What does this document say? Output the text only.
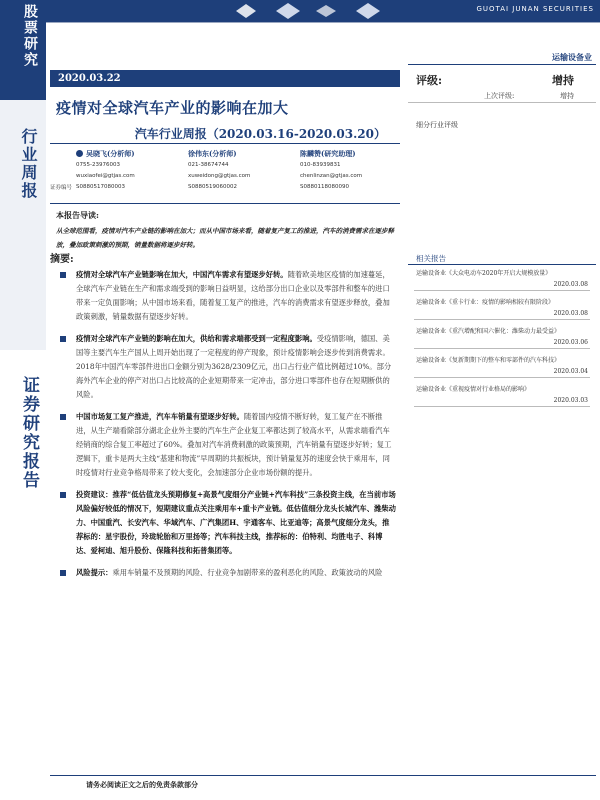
股票研究
行业周报
证券研究报告
GUOTAI JUNAN SECURITIES
运输设备业
2020.03.22
疫情对全球汽车产业的影响在加大
汽车行业周报（2020.03.16-2020.03.20）
评级:	增持
上次评级:	增持
细分行业评级
吴晓飞(分析师)	徐伟东(分析师)	陈麟赞(研究助理)
0755-23976003	021-38674744	010-83939831
wuxiaofei@gtjas.com	xuweidong@gtjas.com	chenlinzan@gtjas.com
证券编号 S0880517080003	S0880519060002	S0880118080090
本报告导读:
从全球范围看，疫情对汽车产业链的影响在加大；而从中国市场来看，随着复产复工的推进，汽车的消费需求在逐步释放，叠加政策刺激的预期，销量数据将逐步好转。
摘要:
疫情对全球汽车产业链影响在加大，中国汽车需求有望逐步好转。随着欧美地区疫情的加速蔓延，全球汽车产业链在生产和需求端受到的影响日益明显，这给部分出口企业以及零部件和整车的进口带来一定负面影响；从中国市场来看，随着复工复产的推进，汽车的消费需求有望逐步释放，叠加政策刺激，销量数据有望逐步好转。
疫情对全球汽车产业链的影响在加大，供给和需求端都受到一定程度影响。受疫情影响，德国、美国等主要汽车生产国从上周开始出现了一定程度的停产现象，预计疫情影响会逐步传到消费需求。2018年中国汽车零部件进出口金额分别为3628/2309亿元，出口占行业产值比例超过10%。部分海外汽车企业的停产对出口占比较高的企业短期带来一定冲击，部分进口零部件也存在短期断供的风险。
中国市场复工复产推进，汽车车销量有望逐步好转。随着国内疫情不断好转，复工复产在不断推进，从生产端看除部分湖北企业外主要的汽车生产企业复工率都达到了较高水平，从需求端看汽车经销商的综合复工率超过了60%。叠加对汽车消费刺激的政策预期，汽车销量有望逐步好转；复工逻辑下，重卡是两大主线“基建和物流”早周期的共振板块，预计销量复苏的速度会快于乘用车，同时疫情对行业竞争格局带来了较大变化，会加速部分企业市场份额的提升。
投资建议：推荐“低估值龙头预期修复+高景气度细分产业链+汽车科技”三条投资主线，在当前市场风险偏好较低的情况下，短期建议重点关注乘用车+重卡产业链。低估值细分龙头长城汽车、潍柴动力、中国重汽、长安汽车、华域汽车、广汽集团H、宇通客车、比亚迪等；高景气度细分龙头，推荐标的：星宇股份，玲珑轮胎和万里扬等；汽车科技主线，推荐标的：伯特利、均胜电子、科博达、爱柯迪、旭升股份、保隆科技和拓普集团等。
风险提示：乘用车销量不及预期的风险、行业竞争加剧带来的盈利恶化的风险、政策波动的风险
相关报告
运输设备业《大众电动车2020年开启大规模放量》
2020.03.08
运输设备业《重卡行业：疫情的影响相较有限阶段》
2020.03.08
运输设备业《重汽增配和国六催化：潍柴动力最受益》
2020.03.06
运输设备业《复新期期下的整车和零部件的汽车科技》
2020.03.04
运输设备业《重视疫情对行业格局的影响》
2020.03.03
请务必阅读正文之后的免责条款部分
